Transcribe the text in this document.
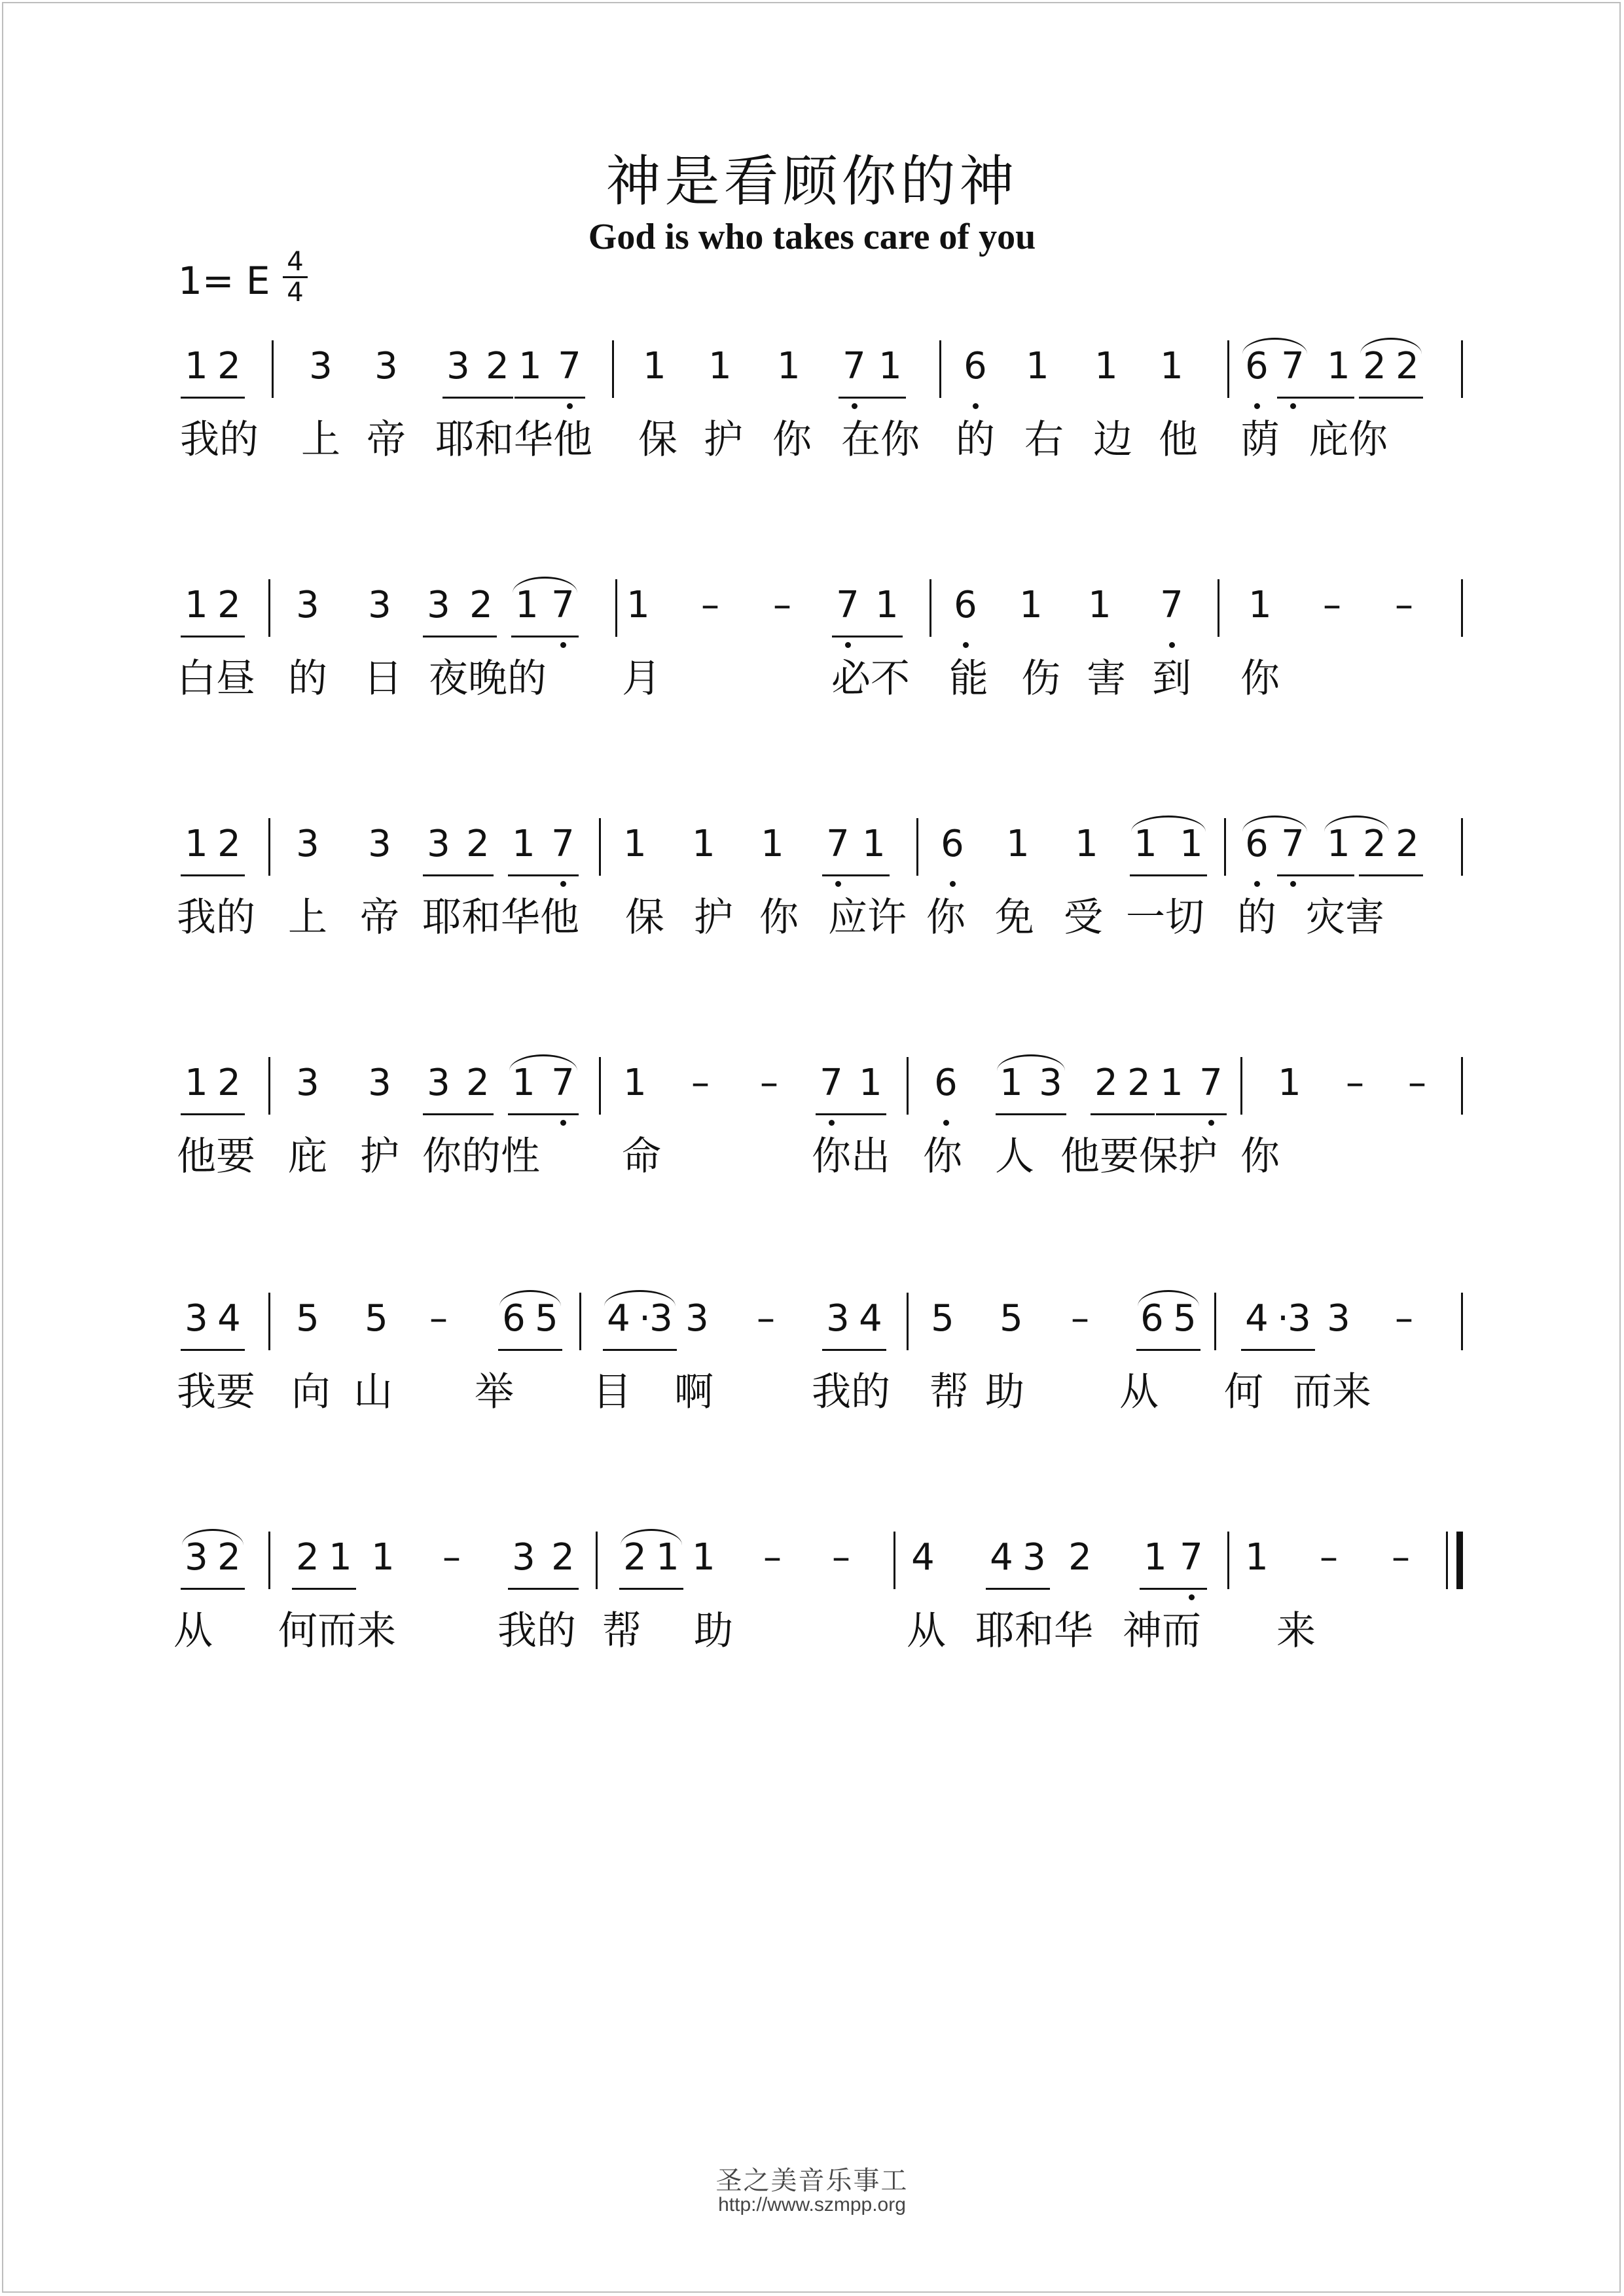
神是看顾你的神
God is who takes care of you
1= E 4
4
1 2 3 3 3 2 1 7 1 1 1 7 1 6 1 1 1 6 7 1 2 2
我的 上 帝 耶和华他 保 护 你 在你 的 右 边 他 荫 庇你
1 2 3 3 3 2 1 7 1 – – 7 1 6 1 1 7 1 – –
白昼 的 日 夜晚的 月	必不 能 伤 害 到 你
1 2 3 3 3 2 1 7 1 1 1 7 1 6 1 1 1 1 6 7 1 2 2
我的 上 帝 耶和华他 保 护 你 应许 你 免 受 一切 的 灾害
1 2 3 3 3 2 1 7 1 – – 7 1 6 1 3 2 2 1 7 1 – –
他要 庇 护 你的性 命	你出 你 人 他要保护 你
3 4 5 5 – 6 5 4 ·
3 3 – 3 4 5 5 – 6 5 4 ·
3 3 –
我要 向 山 举 目 啊	我的 帮 助 从 何 而来
3 2 2 1 1 – 3 2 2 1 1 – – 4 4 3 2 1 7 1 – –
从 何而来	我的 帮 助	从 耶和华 神而 来
圣之美音乐事工
http://www.szmpp.org
